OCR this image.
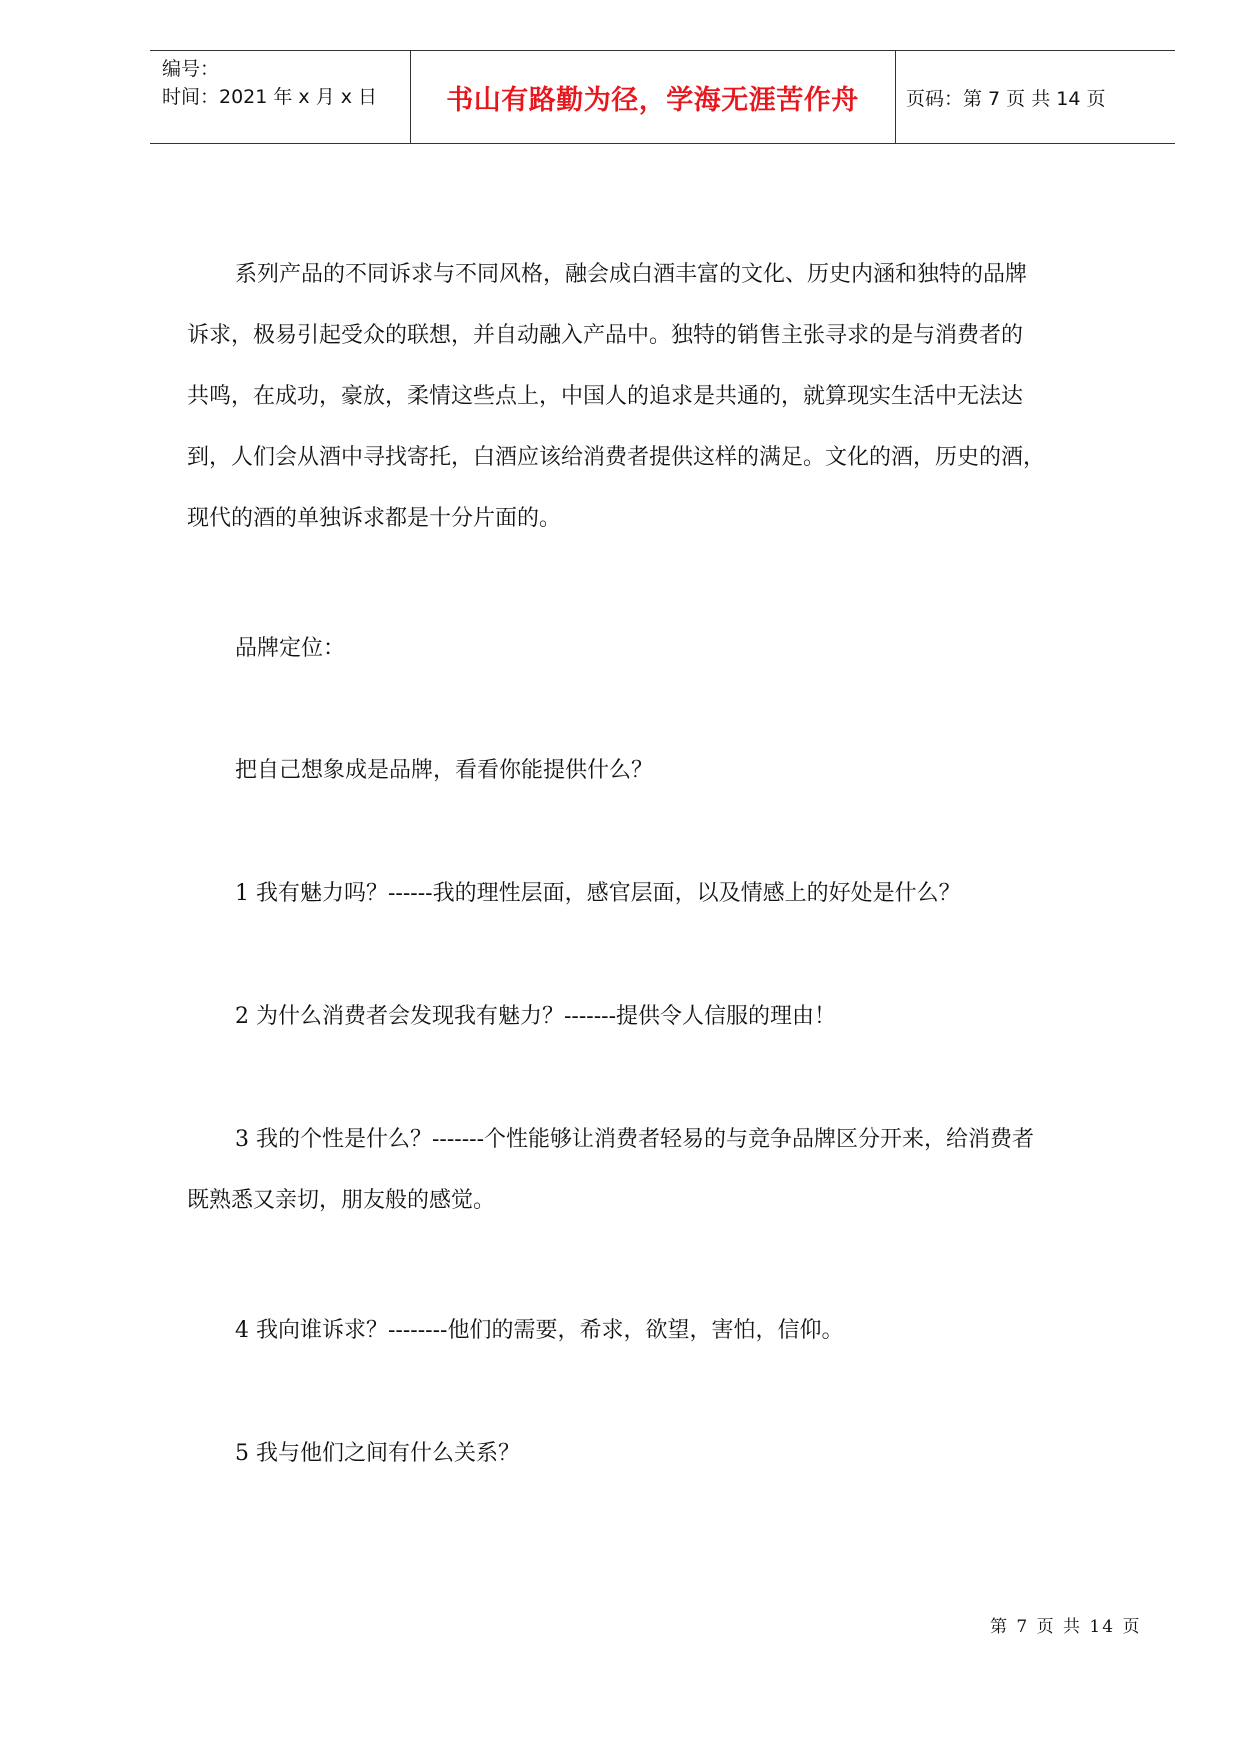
编号：
时间：2021 年 x 月 x 日	书山有路勤为径，学海无涯苦作舟	页码：第 7 页 共 14 页
系列产品的不同诉求与不同风格，融会成白酒丰富的文化、历史内涵和独特的品牌
诉求，极易引起受众的联想，并自动融入产品中。独特的销售主张寻求的是与消费者的
共鸣，在成功，豪放，柔情这些点上，中国人的追求是共通的，就算现实生活中无法达
到，人们会从酒中寻找寄托，白酒应该给消费者提供这样的满足。文化的酒，历史的酒，
现代的酒的单独诉求都是十分片面的。
品牌定位：
把自己想象成是品牌，看看你能提供什么？
1 我有魅力吗？------我的理性层面，感官层面，以及情感上的好处是什么？
2 为什么消费者会发现我有魅力？-------提供令人信服的理由！
3 我的个性是什么？-------个性能够让消费者轻易的与竞争品牌区分开来，给消费者
既熟悉又亲切，朋友般的感觉。
4 我向谁诉求？--------他们的需要，希求，欲望，害怕，信仰。
5 我与他们之间有什么关系？
第 7 页 共 14 页
